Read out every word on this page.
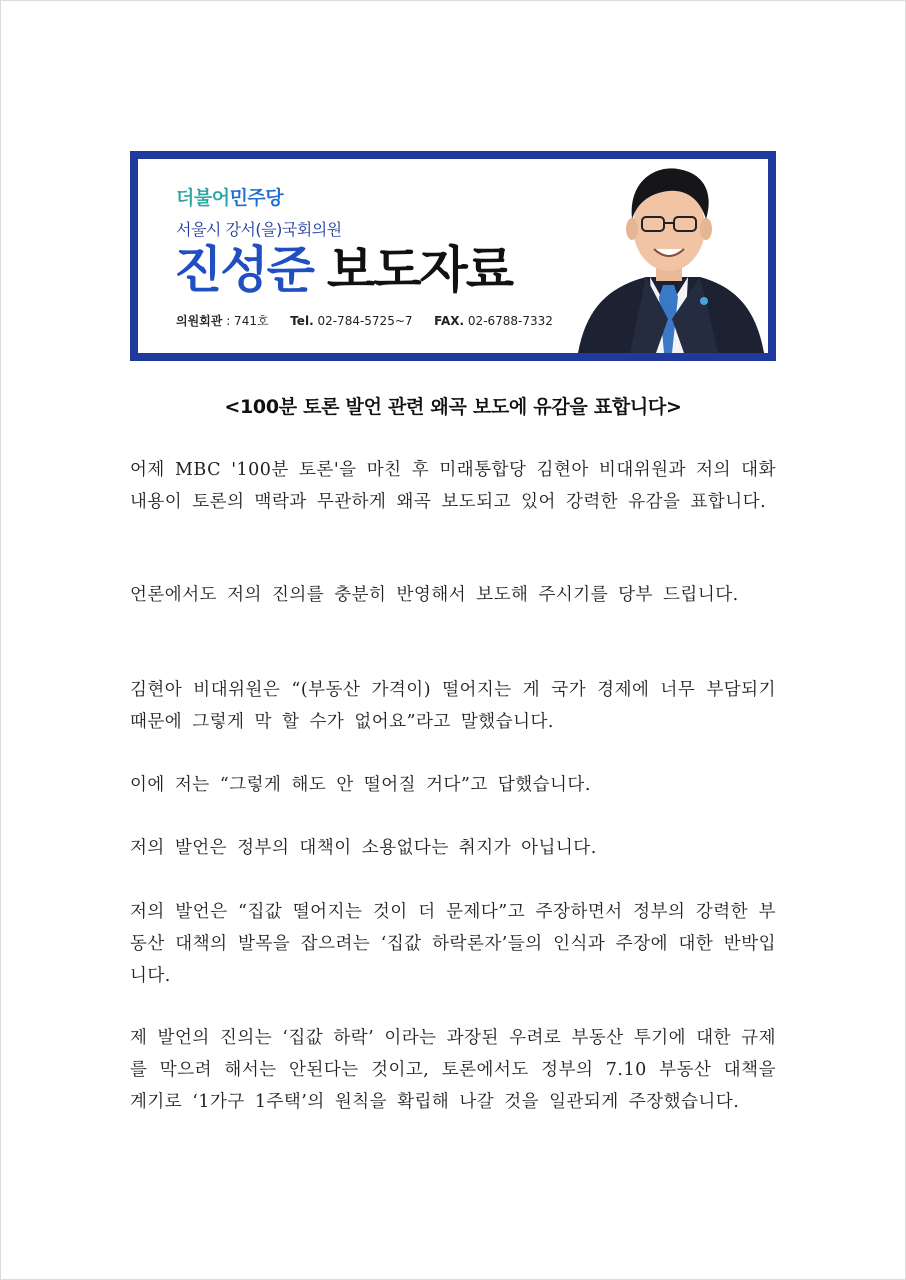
더불어민주당
서울시 강서(을)국회의원
진성준 보도자료
의원회관 : 741호 Tel. 02-784-5725~7 FAX. 02-6788-7332
<100분 토론 발언 관련 왜곡 보도에 유감을 표합니다>

어제 MBC '100분 토론'을 마친 후 미래통합당 김현아 비대위원과 저의 대화 내용이 토론의 맥락과 무관하게 왜곡 보도되고 있어 강력한 유감을 표합니다.

언론에서도 저의 진의를 충분히 반영해서 보도해 주시기를 당부 드립니다.

김현아 비대위원은 “(부동산 가격이) 떨어지는 게 국가 경제에 너무 부담되기 때문에 그렇게 막 할 수가 없어요”라고 말했습니다.

이에 저는 “그렇게 해도 안 떨어질 거다”고 답했습니다.

저의 발언은 정부의 대책이 소용없다는 취지가 아닙니다.

저의 발언은 “집값 떨어지는 것이 더 문제다”고 주장하면서 정부의 강력한 부동산 대책의 발목을 잡으려는 ‘집값 하락론자’들의 인식과 주장에 대한 반박입니다.

제 발언의 진의는 ‘집값 하락’ 이라는 과장된 우려로 부동산 투기에 대한 규제를 막으려 해서는 안된다는 것이고, 토론에서도 정부의 7.10 부동산 대책을 계기로 ‘1가구 1주택’의 원칙을 확립해 나갈 것을 일관되게 주장했습니다.
